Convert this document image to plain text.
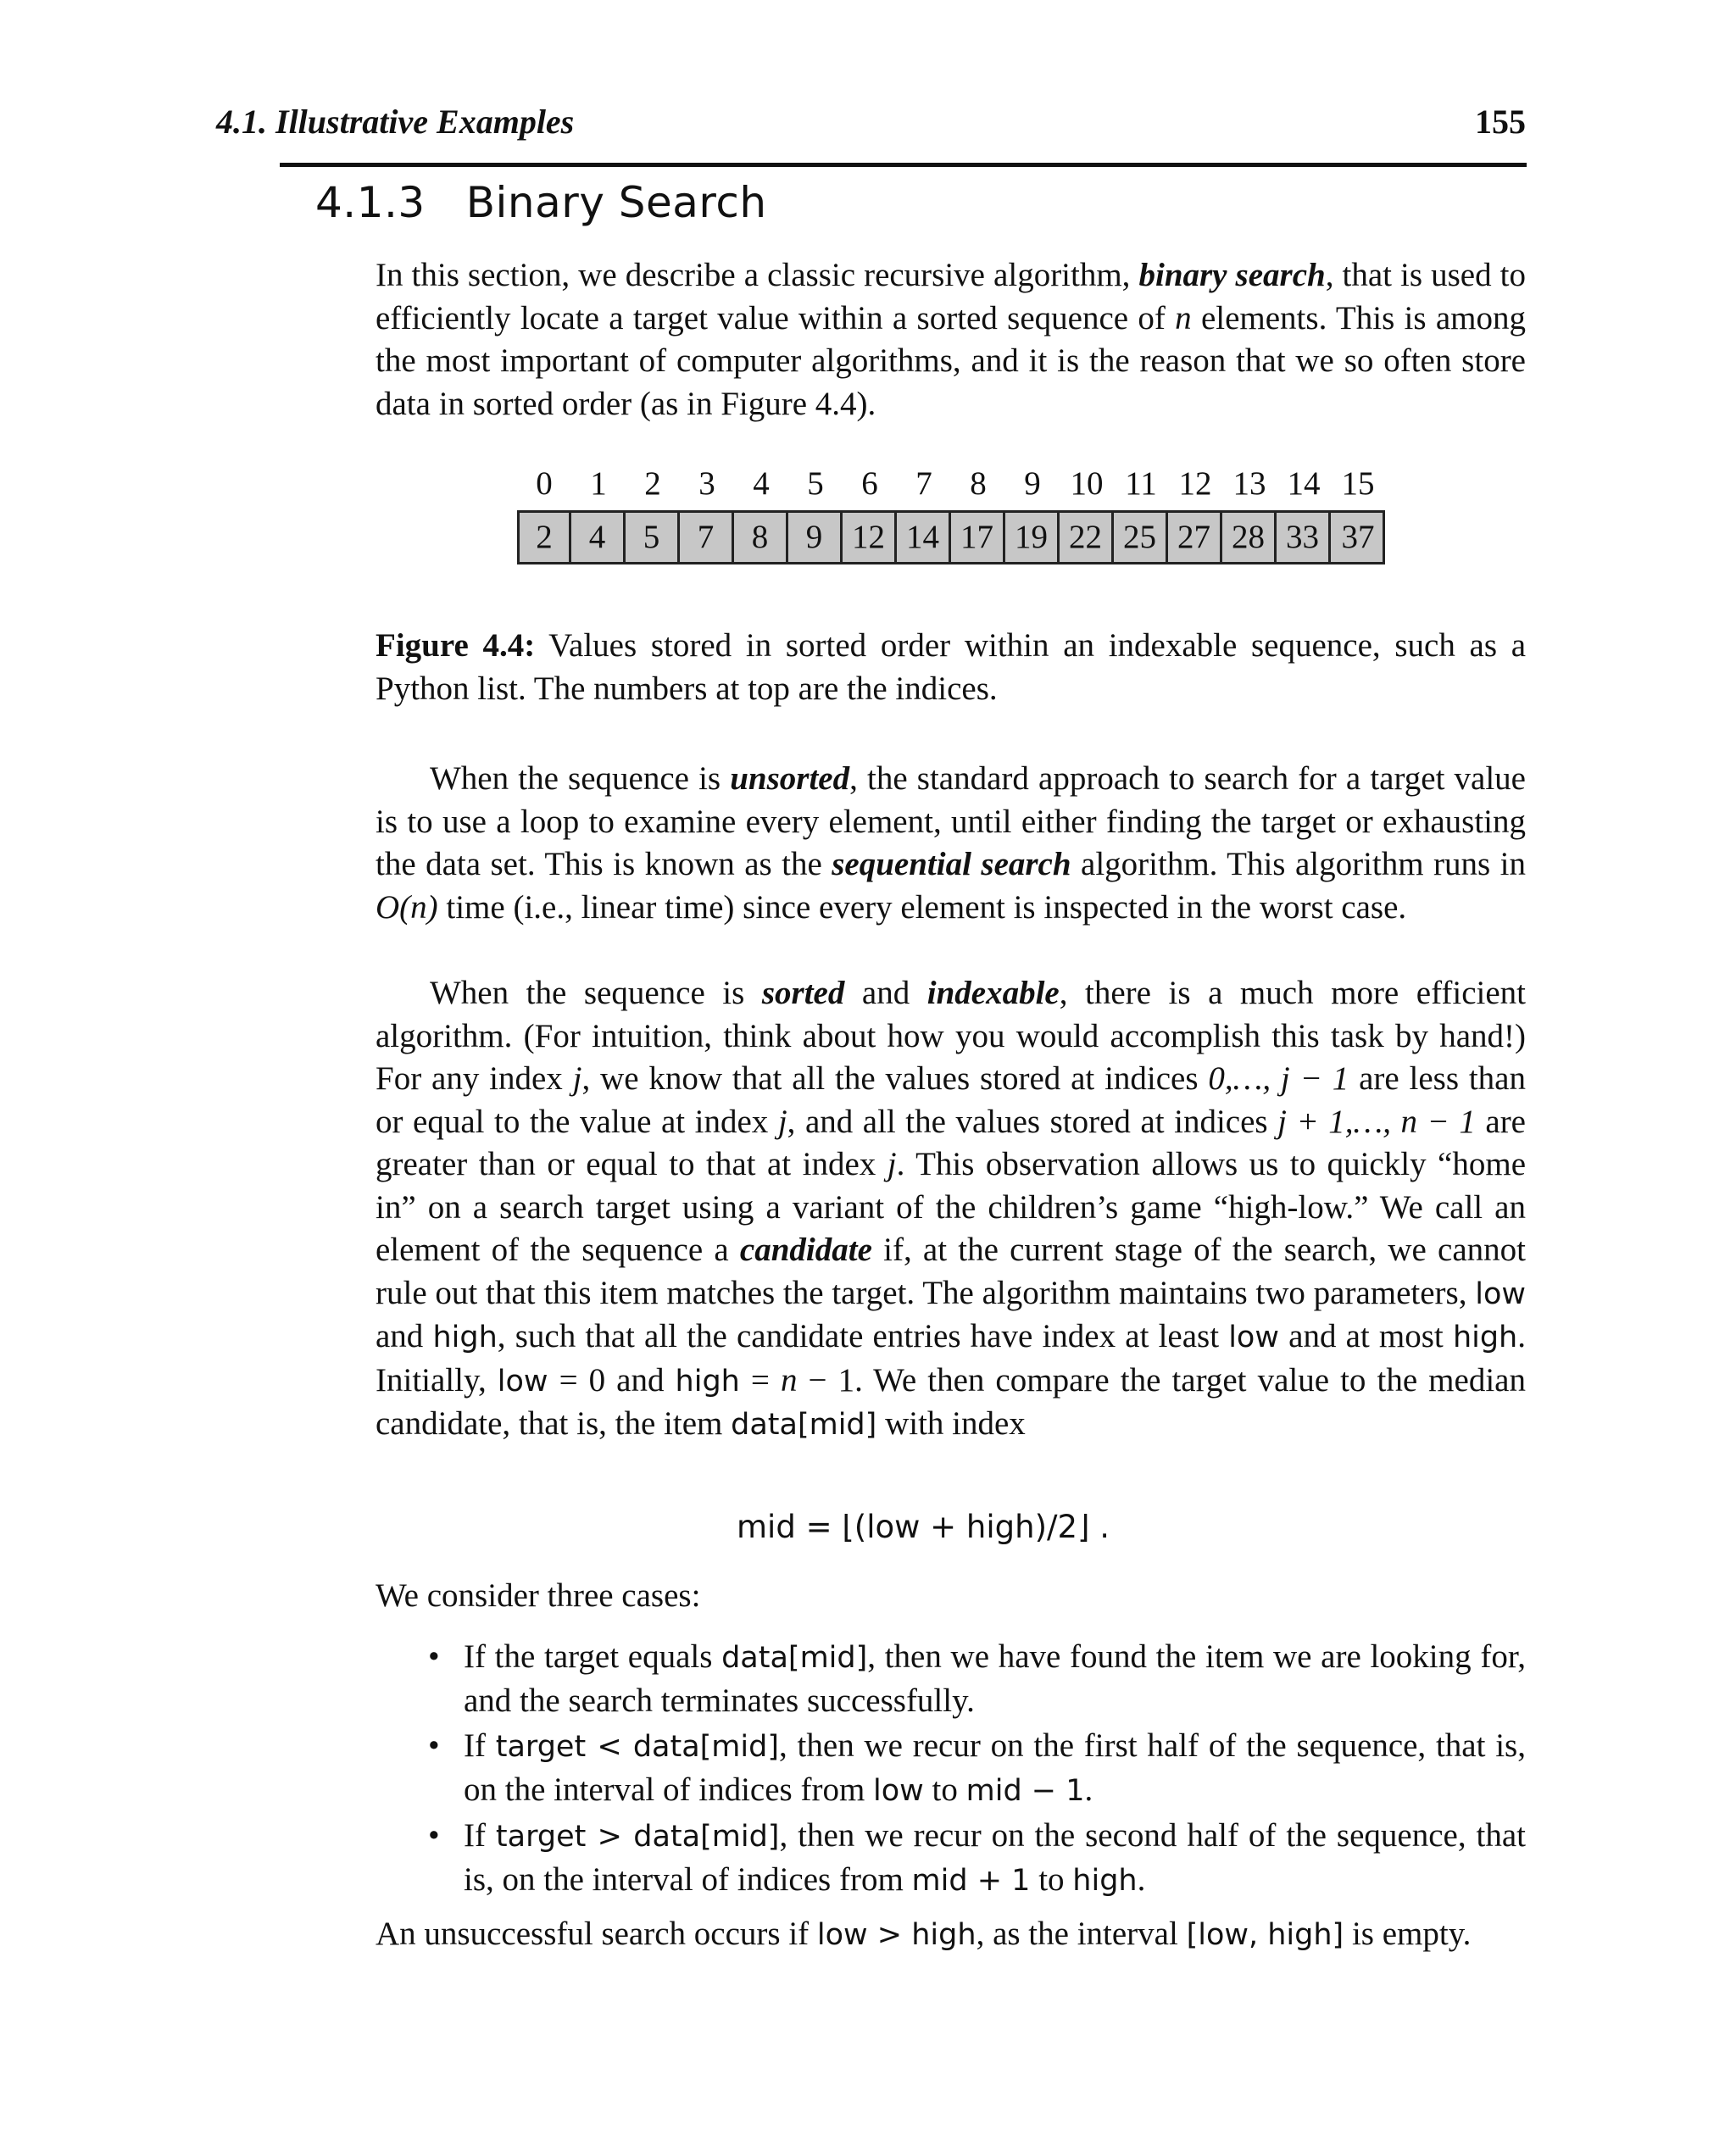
4.1. Illustrative Examples	155
4.1.3 Binary Search

In this section, we describe a classic recursive algorithm, binary search, that is used to efficiently locate a target value within a sorted sequence of n elements. This is among the most important of computer algorithms, and it is the reason that we so often store data in sorted order (as in Figure 4.4).

0	1	2	3	4	5	6	7	8	9 10 11 12 13 14 15
2	4	5	7	8	9 12 14 17 19 22 25 27 28 33 37

Figure 4.4: Values stored in sorted order within an indexable sequence, such as a Python list. The numbers at top are the indices.

When the sequence is unsorted, the standard approach to search for a target value is to use a loop to examine every element, until either finding the target or exhausting the data set. This is known as the sequential search algorithm. This algorithm runs in O(n) time (i.e., linear time) since every element is inspected in the worst case.

When the sequence is sorted and indexable, there is a much more efficient algorithm. (For intuition, think about how you would accomplish this task by hand!) For any index j, we know that all the values stored at indices 0,…, j − 1 are less than or equal to the value at index j, and all the values stored at indices j + 1,…, n − 1 are greater than or equal to that at index j. This observation allows us to quickly “home in” on a search target using a variant of the children’s game “high-low.” We call an element of the sequence a candidate if, at the current stage of the search, we cannot rule out that this item matches the target. The algorithm maintains two parameters, low and high, such that all the candidate entries have index at least low and at most high. Initially, low = 0 and high = n − 1. We then compare the target value to the median candidate, that is, the item data[mid] with index

mid = ⌊(low + high)/2⌋ .

We consider three cases:

• If the target equals data[mid], then we have found the item we are looking for, and the search terminates successfully.
• If target < data[mid], then we recur on the first half of the sequence, that is, on the interval of indices from low to mid − 1.
• If target > data[mid], then we recur on the second half of the sequence, that is, on the interval of indices from mid + 1 to high.

An unsuccessful search occurs if low > high, as the interval [low, high] is empty.
